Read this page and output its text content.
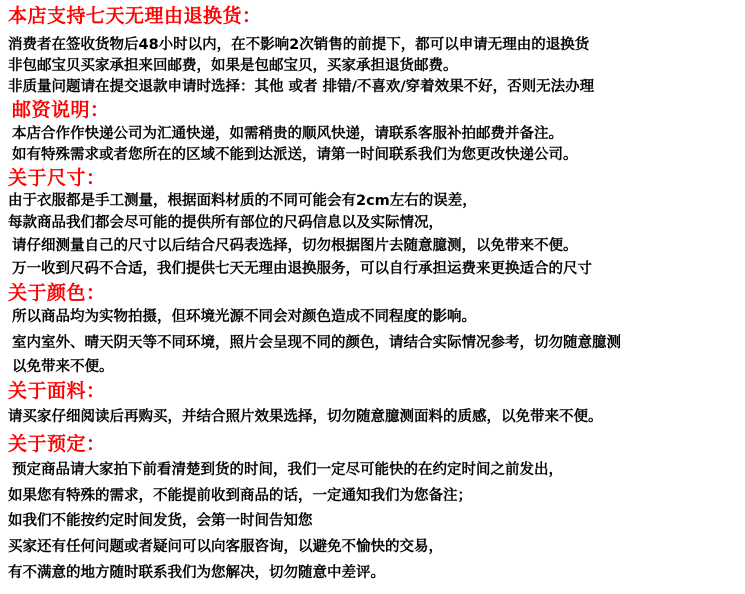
本店支持七天无理由退换货：

消费者在签收货物后48小时以内，在不影响2次销售的前提下，都可以申请无理由的退换货

非包邮宝贝买家承担来回邮费，如果是包邮宝贝，买家承担退货邮费。

非质量问题请在提交退款申请时选择：其他 或者 排错/不喜欢/穿着效果不好，否则无法办理

邮资说明：

本店合作作快递公司为汇通快递，如需稍贵的顺风快递，请联系客服补拍邮费并备注。

如有特殊需求或者您所在的区域不能到达派送，请第一时间联系我们为您更改快递公司。

关于尺寸：

由于衣服都是手工测量，根据面料材质的不同可能会有2cm左右的误差，

每款商品我们都会尽可能的提供所有部位的尺码信息以及实际情况，

请仔细测量自己的尺寸以后结合尺码表选择，切勿根据图片去随意臆测，以免带来不便。

万一收到尺码不合适，我们提供七天无理由退换服务，可以自行承担运费来更换适合的尺寸

关于颜色：

所以商品均为实物拍摄，但环境光源不同会对颜色造成不同程度的影响。

室内室外、晴天阴天等不同环境，照片会呈现不同的颜色，请结合实际情况参考，切勿随意臆测

以免带来不便。

关于面料：

请买家仔细阅读后再购买，并结合照片效果选择，切勿随意臆测面料的质感，以免带来不便。

关于预定：

预定商品请大家拍下前看清楚到货的时间，我们一定尽可能快的在约定时间之前发出，

如果您有特殊的需求，不能提前收到商品的话，一定通知我们为您备注；

如我们不能按约定时间发货，会第一时间告知您

买家还有任何问题或者疑问可以向客服咨询，以避免不愉快的交易，

有不满意的地方随时联系我们为您解决，切勿随意中差评。
